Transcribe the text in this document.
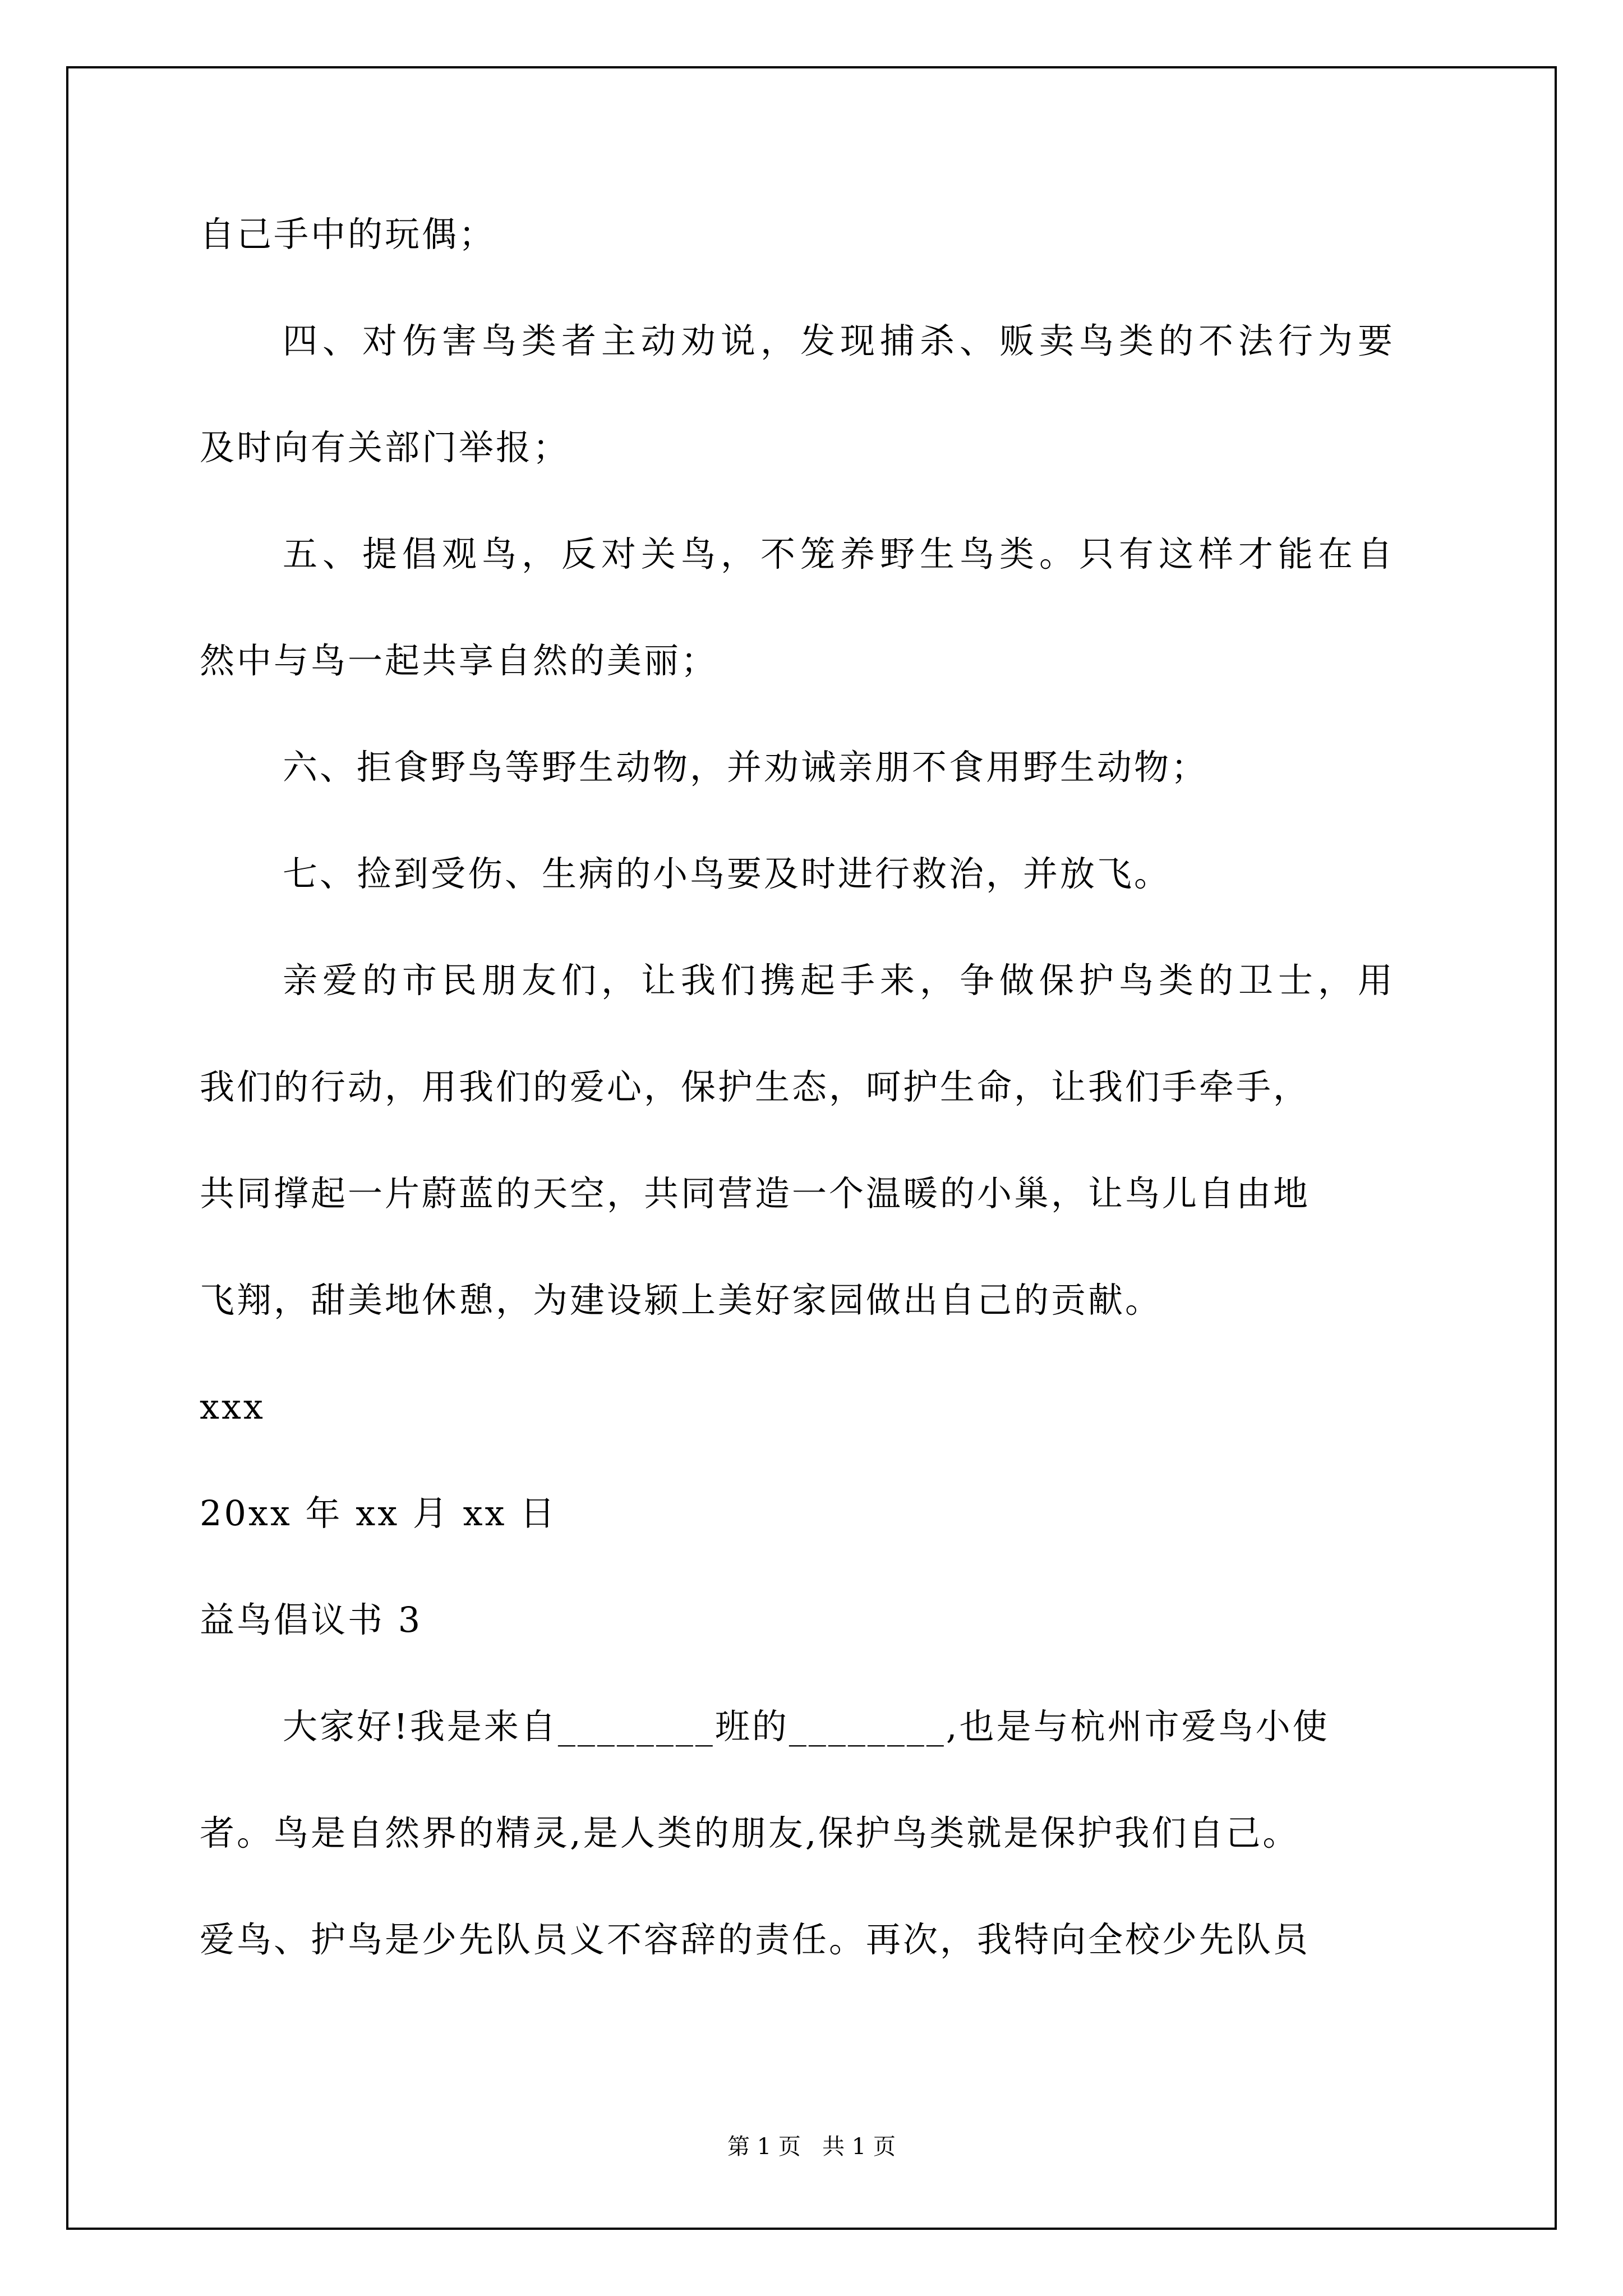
自己手中的玩偶；
四、对伤害鸟类者主动劝说，发现捕杀、贩卖鸟类的不法行为要
及时向有关部门举报；
五、提倡观鸟，反对关鸟，不笼养野生鸟类。只有这样才能在自
然中与鸟一起共享自然的美丽；
六、拒食野鸟等野生动物，并劝诫亲朋不食用野生动物；
七、捡到受伤、生病的小鸟要及时进行救治，并放飞。
亲爱的市民朋友们，让我们携起手来，争做保护鸟类的卫士，用
我们的行动，用我们的爱心，保护生态，呵护生命，让我们手牵手，
共同撑起一片蔚蓝的天空，共同营造一个温暖的小巢，让鸟儿自由地
飞翔，甜美地休憩，为建设颍上美好家园做出自己的贡献。
xxx
20xx 年 xx 月 xx 日
益鸟倡议书 3
大家好!我是来自________班的________,也是与杭州市爱鸟小使
者。鸟是自然界的精灵,是人类的朋友,保护鸟类就是保护我们自己。
爱鸟、护鸟是少先队员义不容辞的责任。再次，我特向全校少先队员
第 1 页   共 1 页
